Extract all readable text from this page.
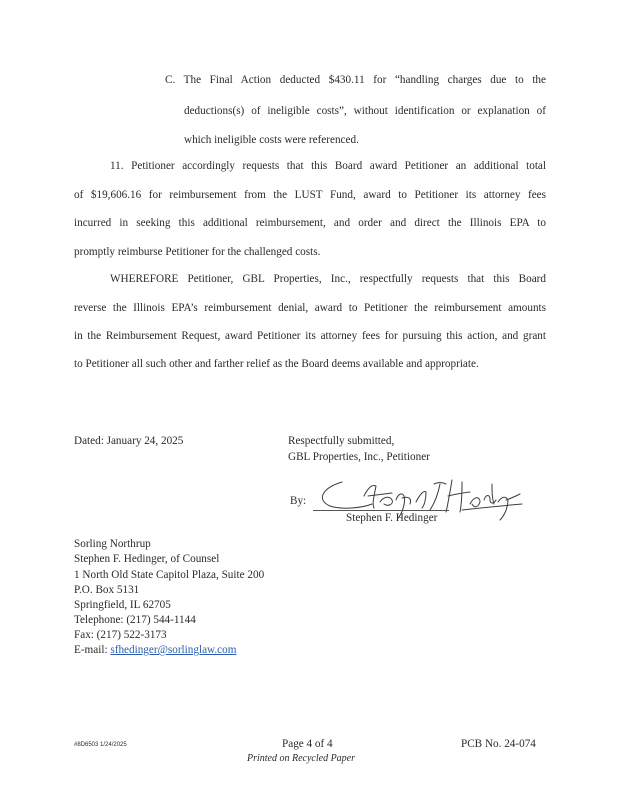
C. The Final Action deducted $430.11 for “handling charges due to the
deductions(s) of ineligible costs”, without identification or explanation of
which ineligible costs were referenced.
11. Petitioner accordingly requests that this Board award Petitioner an additional total
of $19,606.16 for reimbursement from the LUST Fund, award to Petitioner its attorney fees
incurred in seeking this additional reimbursement, and order and direct the Illinois EPA to
promptly reimburse Petitioner for the challenged costs.
WHEREFORE Petitioner, GBL Properties, Inc., respectfully requests that this Board
reverse the Illinois EPA’s reimbursement denial, award to Petitioner the reimbursement amounts
in the Reimbursement Request, award Petitioner its attorney fees for pursuing this action, and grant
to Petitioner all such other and farther relief as the Board deems available and appropriate.
Dated: January 24, 2025	Respectfully submitted,
GBL Properties, Inc., Petitioner
By:
Stephen F. Hedinger
Sorling Northrup
Stephen F. Hedinger, of Counsel
1 North Old State Capitol Plaza, Suite 200
P.O. Box 5131
Springfield, IL 62705
Telephone: (217) 544-1144
Fax: (217) 522-3173
E-mail: sfhedinger@sorlinglaw.com
#8D6503 1/24/2025	Page 4 of 4
Printed on Recycled Paper
PCB No. 24-074
